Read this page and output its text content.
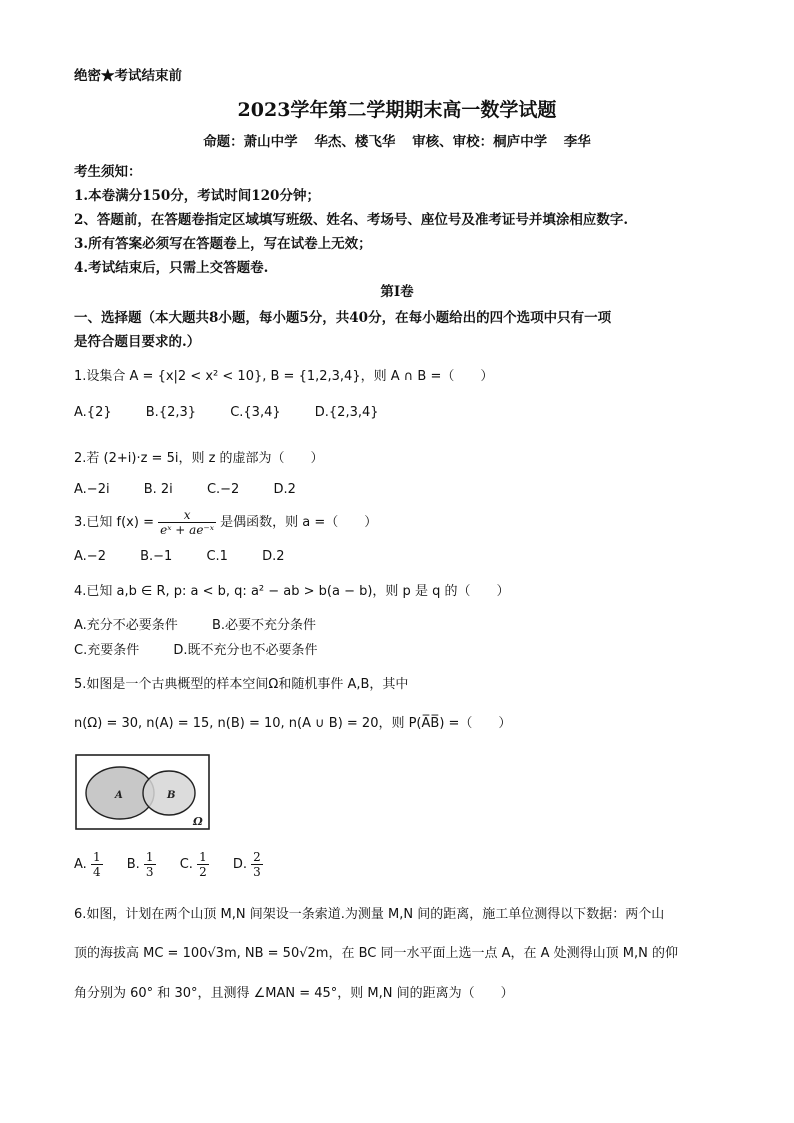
绝密★考试结束前
2023学年第二学期期末高一数学试题
命题：萧山中学 华杰、楼飞华 审核、审校：桐庐中学 李华
考生须知：
1.本卷满分150分，考试时间120分钟；
2、答题前，在答题卷指定区域填写班级、姓名、考场号、座位号及准考证号并填涂相应数字.
3.所有答案必须写在答题卷上，写在试卷上无效；
4.考试结束后，只需上交答题卷.
第I卷
一、选择题（本大题共8小题，每小题5分，共40分，在每小题给出的四个选项中只有一项
是符合题目要求的.）
1.设集合 A = {x|2 < x² < 10}, B = {1,2,3,4}，则 A ∩ B =（　　）
A.{2}	B.{2,3}	C.{3,4}	D.{2,3,4}
2.若 (2+i)·z = 5i，则 z 的虚部为（　　）
A.−2i	B. 2i	C.−2	D.2
3.已知 $f(x) = \frac{x}{\text{eˣ + ae⁻ˣ}}$ 是偶函数，则 a =（　　）
A.−2	B.−1	C.1	D.2
4.已知 a,b ∈ R, p: a < b, q: a² − ab > b(a − b)，则 p 是 q 的（　　）
A.充分不必要条件	B.必要不充分条件
C.充要条件	D.既不充分也不必要条件
5.如图是一个古典概型的样本空间Ω和随机事件 A,B，其中
n(Ω) = 30, n(A) = 15, n(B) = 10, n(A ∪ B) = 20，则 P(A̅B̅) =（　　）
A	B
Ω
A. $\frac{1}{4} B$. $\frac{1}{3} C$. $\frac{1}{2} D$. $\frac{2}{3}$
6.如图，计划在两个山顶 M,N 间架设一条索道.为测量 M,N 间的距离，施工单位测得以下数据：两个山
顶的海拔高 MC = 100√3m, NB = 50√2m，在 BC 同一水平面上选一点 A，在 A 处测得山顶 M,N 的仰
角分别为 60° 和 30°，且测得 ∠MAN = 45°，则 M,N 间的距离为（　　）
